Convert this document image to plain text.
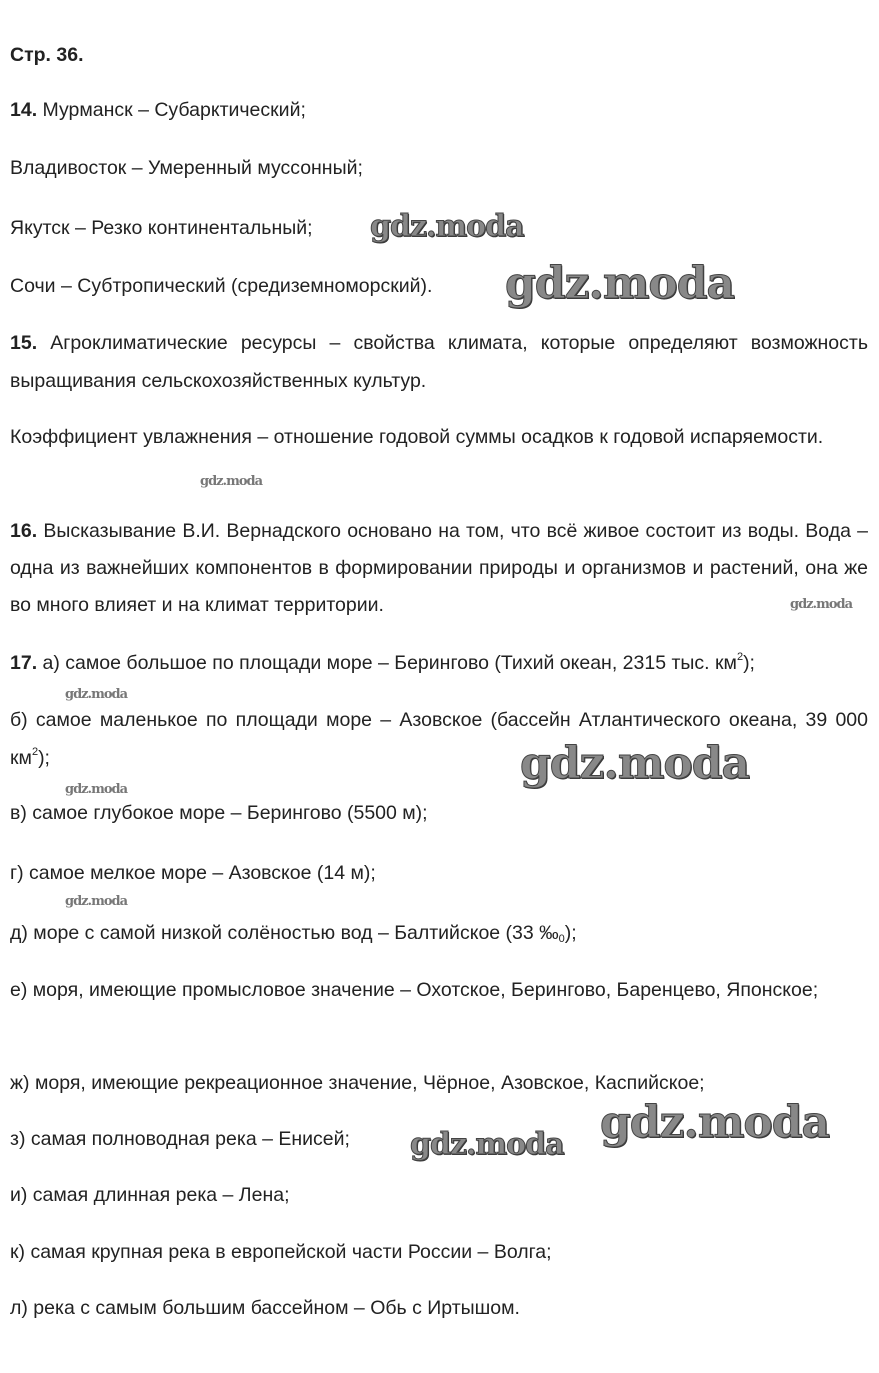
Стр. 36.
14. Мурманск – Субарктический;
Владивосток – Умеренный муссонный;
Якутск – Резко континентальный;
Сочи – Субтропический (средиземноморский).
15. Агроклиматические ресурсы – свойства климата, которые определяют возможность выращивания сельскохозяйственных культур.
Коэффициент увлажнения – отношение годовой суммы осадков к годовой испаряемости.
16. Высказывание В.И. Вернадского основано на том, что всё живое состоит из воды. Вода – одна из важнейших компонентов в формировании природы и организмов и растений, она же во много влияет и на климат территории.
17. а) самое большое по площади море – Берингово (Тихий океан, 2315 тыс. $км^2$);
б) самое маленькое по площади море – Азовское (бассейн Атлантического океана, 39 000 $км^2$);
в) самое глубокое море – Берингово (5500 м);
г) самое мелкое море – Азовское (14 м);
д) море с самой низкой солёностью вод – Балтийское (33 $‰_0$);
е) моря, имеющие промысловое значение – Охотское, Берингово, Баренцево, Японское;
ж) моря, имеющие рекреационное значение, Чёрное, Азовское, Каспийское;
з) самая полноводная река – Енисей;
и) самая длинная река – Лена;
к) самая крупная река в европейской части России – Волга;
л) река с самым большим бассейном – Обь с Иртышом.
gdz.moda
gdz.moda
gdz.moda
gdz.moda
gdz.moda
gdz.moda
gdz.moda
gdz.moda
gdz.moda gdz.moda
